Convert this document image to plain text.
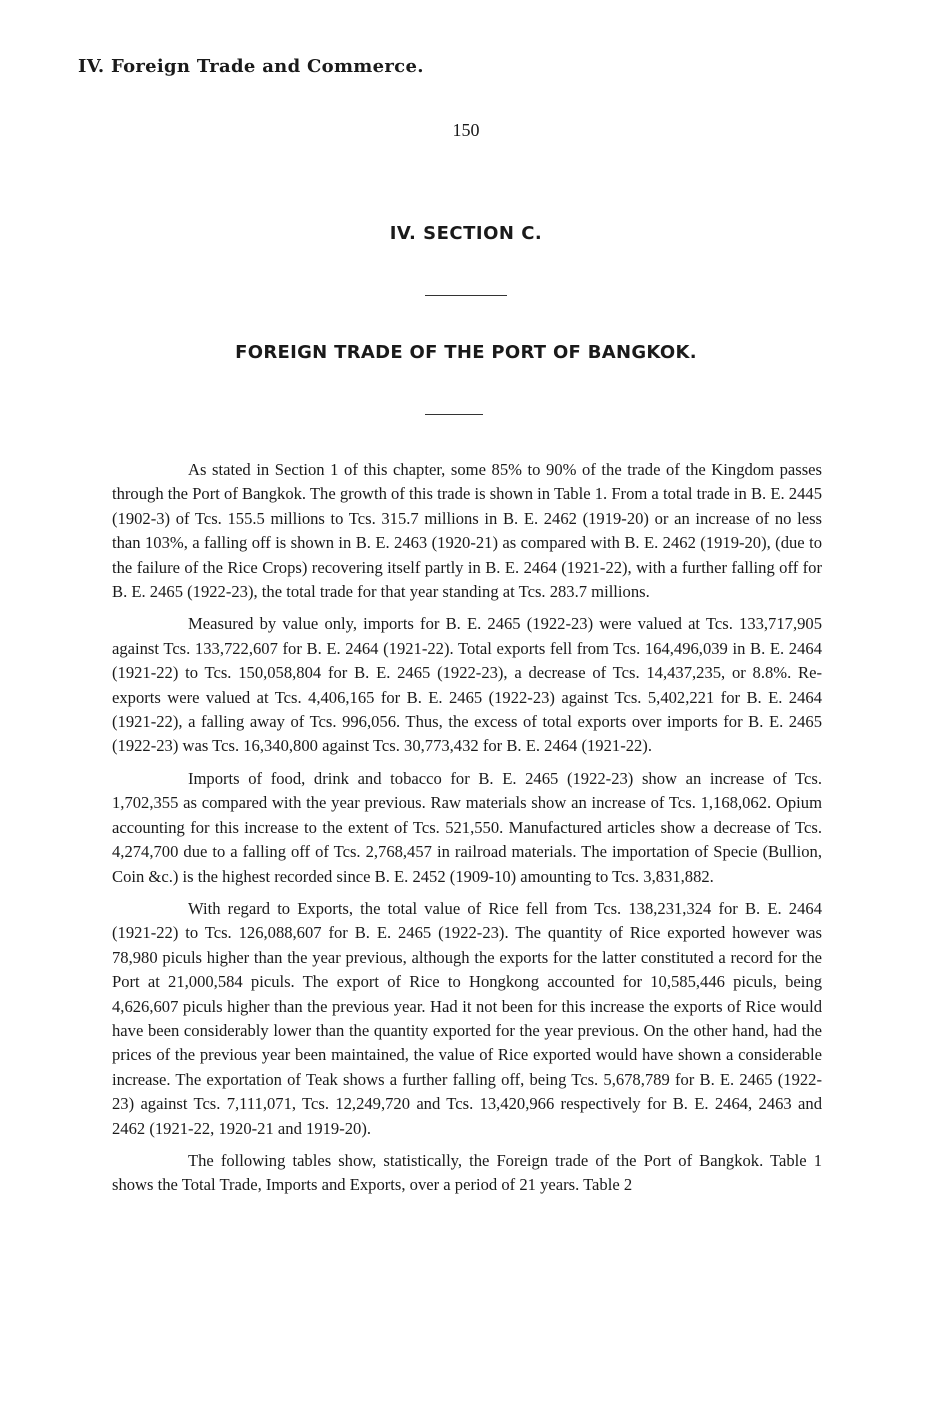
IV. Foreign Trade and Commerce.
150
IV. SECTION C.
FOREIGN TRADE OF THE PORT OF BANGKOK.

As stated in Section 1 of this chapter, some 85% to 90% of the trade of the Kingdom passes through the Port of Bangkok. The growth of this trade is shown in Table 1. From a total trade in B. E. 2445 (1902-3) of Tcs. 155.5 millions to Tcs. 315.7 millions in B. E. 2462 (1919-20) or an increase of no less than 103%, a falling off is shown in B. E. 2463 (1920-21) as compared with B. E. 2462 (1919-20), (due to the failure of the Rice Crops) recovering itself partly in B. E. 2464 (1921-22), with a further falling off for B. E. 2465 (1922-23), the total trade for that year standing at Tcs. 283.7 millions.

Measured by value only, imports for B. E. 2465 (1922-23) were valued at Tcs. 133,717,905 against Tcs. 133,722,607 for B. E. 2464 (1921-22). Total exports fell from Tcs. 164,496,039 in B. E. 2464 (1921-22) to Tcs. 150,058,804 for B. E. 2465 (1922-23), a decrease of Tcs. 14,437,235, or 8.8%. Re-exports were valued at Tcs. 4,406,165 for B. E. 2465 (1922-23) against Tcs. 5,402,221 for B. E. 2464 (1921-22), a falling away of Tcs. 996,056. Thus, the excess of total exports over imports for B. E. 2465 (1922-23) was Tcs. 16,340,800 against Tcs. 30,773,432 for B. E. 2464 (1921-22).

Imports of food, drink and tobacco for B. E. 2465 (1922-23) show an increase of Tcs. 1,702,355 as compared with the year previous. Raw materials show an increase of Tcs. 1,168,062. Opium accounting for this increase to the extent of Tcs. 521,550. Manufactured articles show a decrease of Tcs. 4,274,700 due to a falling off of Tcs. 2,768,457 in railroad materials. The importation of Specie (Bullion, Coin &c.) is the highest recorded since B. E. 2452 (1909-10) amounting to Tcs. 3,831,882.

With regard to Exports, the total value of Rice fell from Tcs. 138,231,324 for B. E. 2464 (1921-22) to Tcs. 126,088,607 for B. E. 2465 (1922-23). The quantity of Rice exported however was 78,980 piculs higher than the year previous, although the exports for the latter constituted a record for the Port at 21,000,584 piculs. The export of Rice to Hongkong accounted for 10,585,446 piculs, being 4,626,607 piculs higher than the previous year. Had it not been for this increase the exports of Rice would have been considerably lower than the quantity exported for the year previous. On the other hand, had the prices of the previous year been maintained, the value of Rice exported would have shown a considerable increase. The exportation of Teak shows a further falling off, being Tcs. 5,678,789 for B. E. 2465 (1922-23) against Tcs. 7,111,071, Tcs. 12,249,720 and Tcs. 13,420,966 respectively for B. E. 2464, 2463 and 2462 (1921-22, 1920-21 and 1919-20).

The following tables show, statistically, the Foreign trade of the Port of Bangkok. Table 1 shows the Total Trade, Imports and Exports, over a period of 21 years. Table 2
